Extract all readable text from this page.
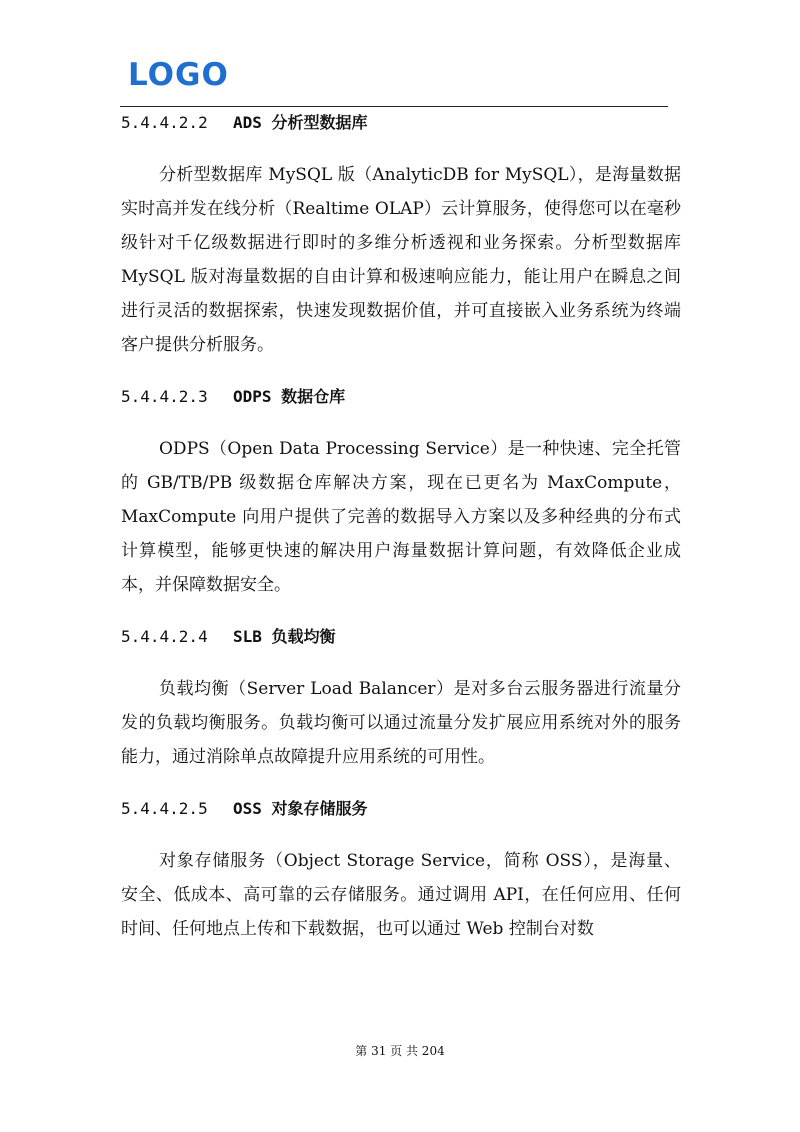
LOGO
5.4.4.2.2 ADS 分析型数据库

分析型数据库 MySQL 版（AnalyticDB for MySQL），是海量数据实时高并发在线分析（Realtime OLAP）云计算服务，使得您可以在毫秒级针对千亿级数据进行即时的多维分析透视和业务探索。分析型数据库 MySQL 版对海量数据的自由计算和极速响应能力，能让用户在瞬息之间进行灵活的数据探索，快速发现数据价值，并可直接嵌入业务系统为终端客户提供分析服务。

5.4.4.2.3 ODPS 数据仓库

ODPS（Open Data Processing Service）是一种快速、完全托管的 GB/TB/PB 级数据仓库解决方案，现在已更名为 MaxCompute，MaxCompute 向用户提供了完善的数据导入方案以及多种经典的分布式计算模型，能够更快速的解决用户海量数据计算问题，有效降低企业成本，并保障数据安全。

5.4.4.2.4 SLB 负载均衡

负载均衡（Server Load Balancer）是对多台云服务器进行流量分发的负载均衡服务。负载均衡可以通过流量分发扩展应用系统对外的服务能力，通过消除单点故障提升应用系统的可用性。

5.4.4.2.5 OSS 对象存储服务

对象存储服务（Object Storage Service，简称 OSS），是海量、安全、低成本、高可靠的云存储服务。通过调用 API，在任何应用、任何时间、任何地点上传和下载数据，也可以通过 Web 控制台对数

第 31 页 共 204
